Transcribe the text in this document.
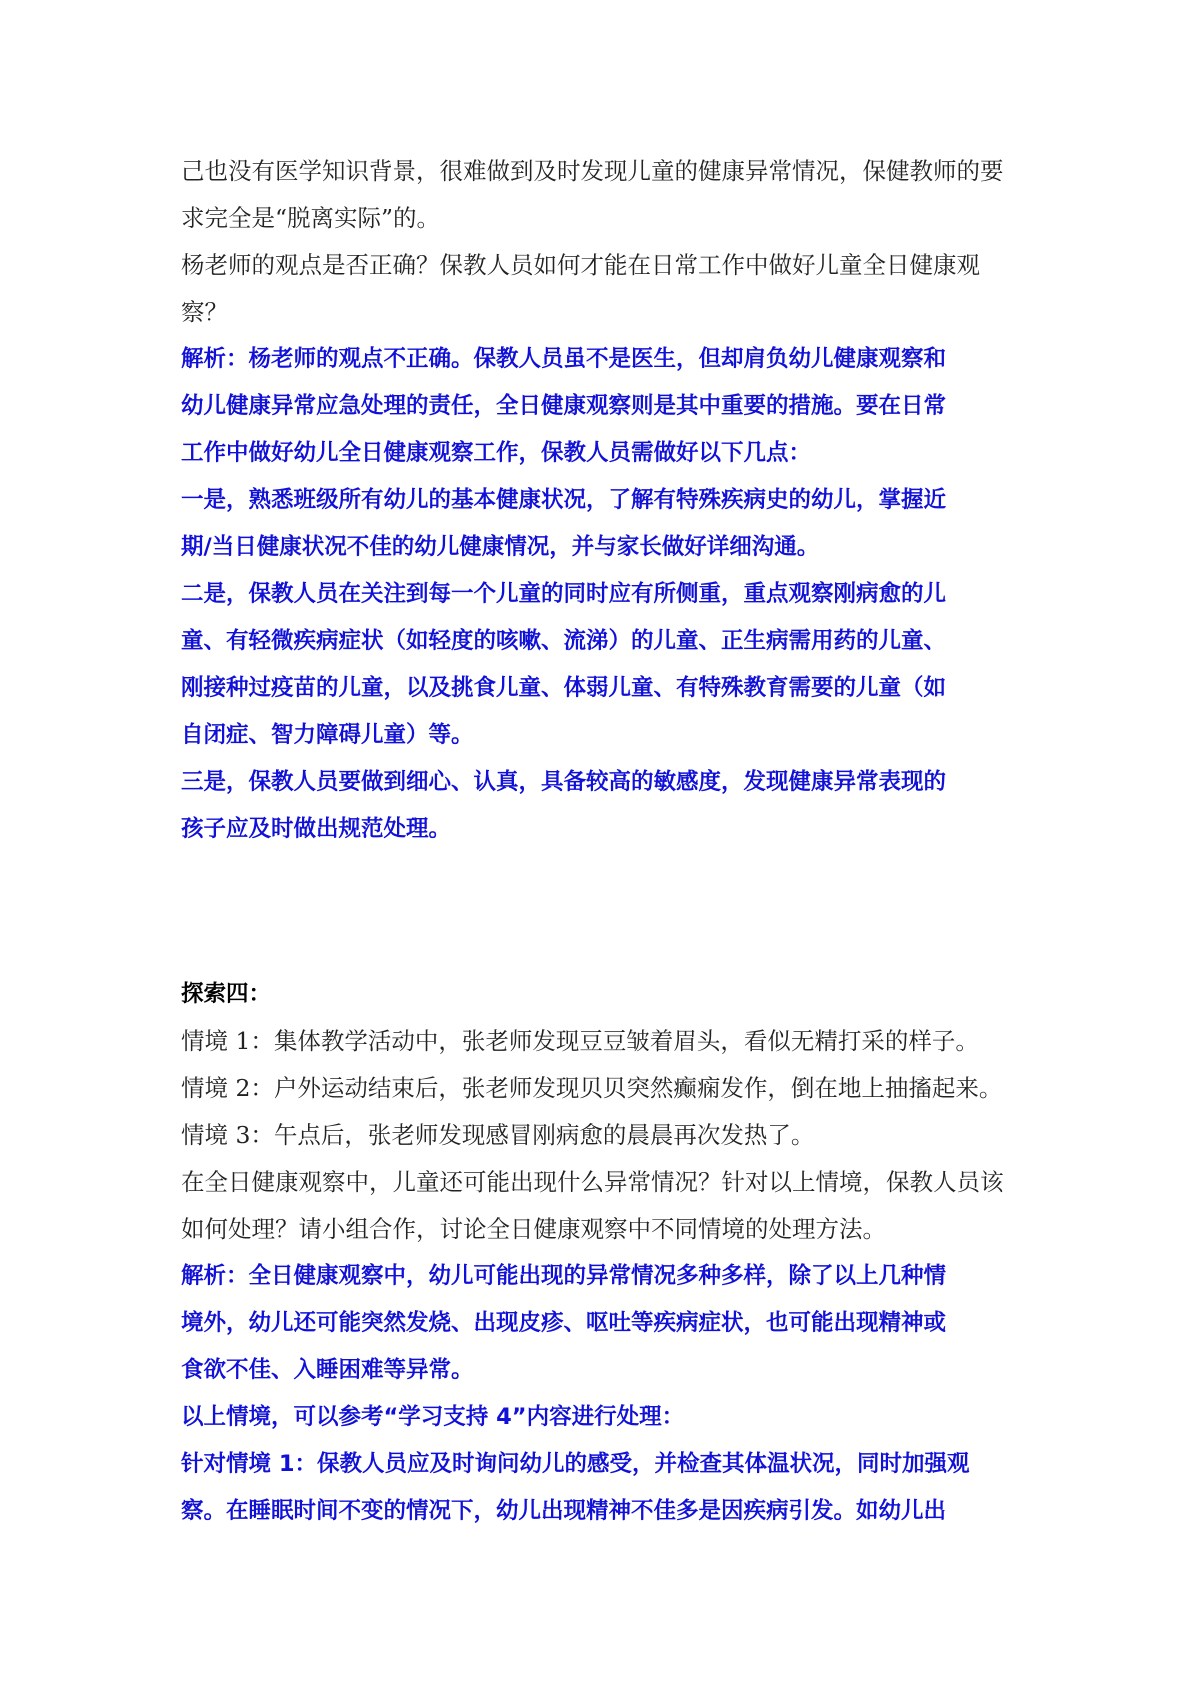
己也没有医学知识背景，很难做到及时发现儿童的健康异常情况，保健教师的要
求完全是“脱离实际”的。
杨老师的观点是否正确？保教人员如何才能在日常工作中做好儿童全日健康观
察？
解析：杨老师的观点不正确。保教人员虽不是医生，但却肩负幼儿健康观察和
幼儿健康异常应急处理的责任，全日健康观察则是其中重要的措施。要在日常
工作中做好幼儿全日健康观察工作，保教人员需做好以下几点：
一是，熟悉班级所有幼儿的基本健康状况，了解有特殊疾病史的幼儿，掌握近
期/当日健康状况不佳的幼儿健康情况，并与家长做好详细沟通。
二是，保教人员在关注到每一个儿童的同时应有所侧重，重点观察刚病愈的儿
童、有轻微疾病症状（如轻度的咳嗽、流涕）的儿童、正生病需用药的儿童、
刚接种过疫苗的儿童，以及挑食儿童、体弱儿童、有特殊教育需要的儿童（如
自闭症、智力障碍儿童）等。
三是，保教人员要做到细心、认真，具备较高的敏感度，发现健康异常表现的
孩子应及时做出规范处理。
探索四：
情境 1：集体教学活动中，张老师发现豆豆皱着眉头，看似无精打采的样子。
情境 2：户外运动结束后，张老师发现贝贝突然癫痫发作，倒在地上抽搐起来。
情境 3：午点后，张老师发现感冒刚病愈的晨晨再次发热了。
在全日健康观察中，儿童还可能出现什么异常情况？针对以上情境，保教人员该
如何处理？请小组合作，讨论全日健康观察中不同情境的处理方法。
解析：全日健康观察中，幼儿可能出现的异常情况多种多样，除了以上几种情
境外，幼儿还可能突然发烧、出现皮疹、呕吐等疾病症状，也可能出现精神或
食欲不佳、入睡困难等异常。
以上情境，可以参考“学习支持 4”内容进行处理：
针对情境 1：保教人员应及时询问幼儿的感受，并检查其体温状况，同时加强观
察。在睡眠时间不变的情况下，幼儿出现精神不佳多是因疾病引发。如幼儿出
